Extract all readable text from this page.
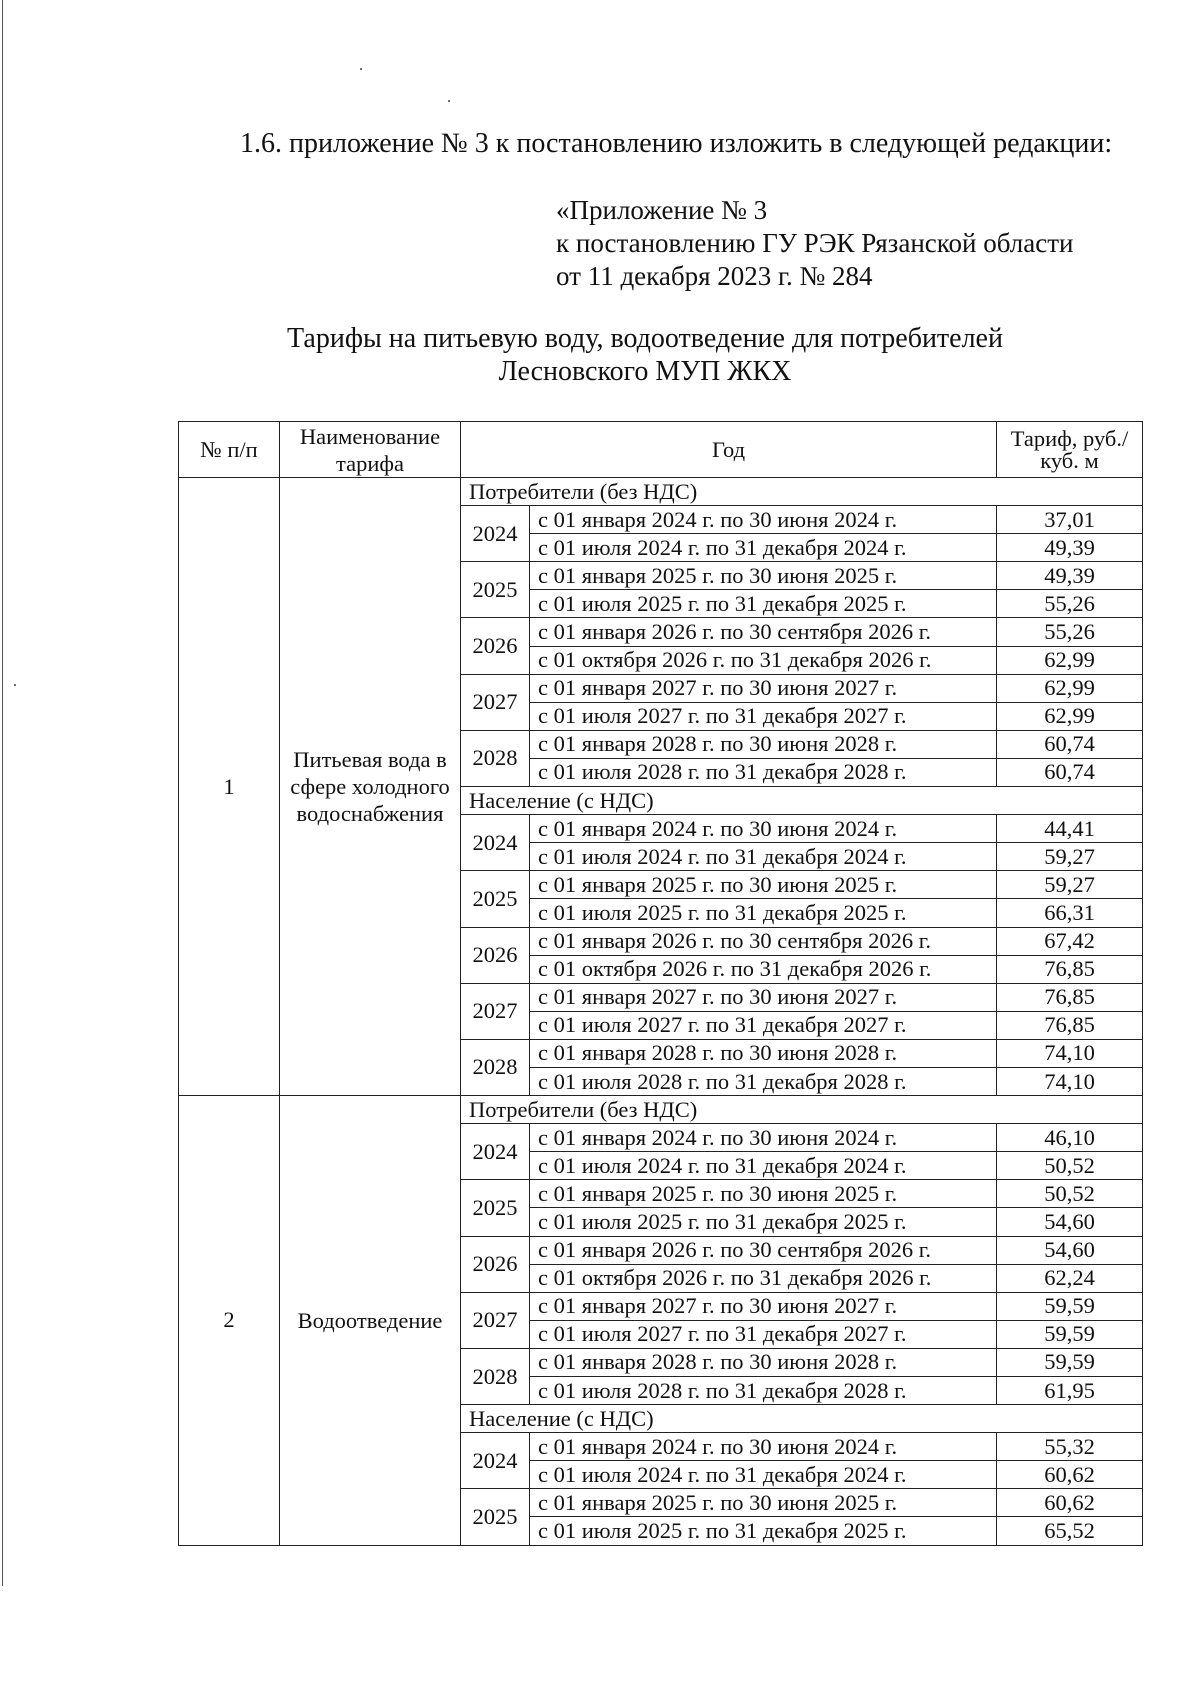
1.6. приложение № 3 к постановлению изложить в следующей редакции:
«Приложение № 3
к постановлению ГУ РЭК Рязанской области
от 11 декабря 2023 г. № 284
Тарифы на питьевую воду, водоотведение для потребителей
Лесновского МУП ЖКХ
№ п/п	Наименование тарифа	Год		Тариф, руб./куб. м
1	Питьевая вода в сфере холодного водоснабжения	Потребители (без НДС)		
		2024	с 01 января 2024 г. по 30 июня 2024 г.	37,01
			с 01 июля 2024 г. по 31 декабря 2024 г.	49,39
		2025	с 01 января 2025 г. по 30 июня 2025 г.	49,39
			с 01 июля 2025 г. по 31 декабря 2025 г.	55,26
		2026	с 01 января 2026 г. по 30 сентября 2026 г.	55,26
			с 01 октября 2026 г. по 31 декабря 2026 г.	62,99
		2027	с 01 января 2027 г. по 30 июня 2027 г.	62,99
			с 01 июля 2027 г. по 31 декабря 2027 г.	62,99
		2028	с 01 января 2028 г. по 30 июня 2028 г.	60,74
			с 01 июля 2028 г. по 31 декабря 2028 г.	60,74
		Население (с НДС)		
		2024	с 01 января 2024 г. по 30 июня 2024 г.	44,41
			с 01 июля 2024 г. по 31 декабря 2024 г.	59,27
		2025	с 01 января 2025 г. по 30 июня 2025 г.	59,27
			с 01 июля 2025 г. по 31 декабря 2025 г.	66,31
		2026	с 01 января 2026 г. по 30 сентября 2026 г.	67,42
			с 01 октября 2026 г. по 31 декабря 2026 г.	76,85
		2027	с 01 января 2027 г. по 30 июня 2027 г.	76,85
			с 01 июля 2027 г. по 31 декабря 2027 г.	76,85
		2028	с 01 января 2028 г. по 30 июня 2028 г.	74,10
			с 01 июля 2028 г. по 31 декабря 2028 г.	74,10
2	Водоотведение	Потребители (без НДС)		
		2024	с 01 января 2024 г. по 30 июня 2024 г.	46,10
			с 01 июля 2024 г. по 31 декабря 2024 г.	50,52
		2025	с 01 января 2025 г. по 30 июня 2025 г.	50,52
			с 01 июля 2025 г. по 31 декабря 2025 г.	54,60
		2026	с 01 января 2026 г. по 30 сентября 2026 г.	54,60
			с 01 октября 2026 г. по 31 декабря 2026 г.	62,24
		2027	с 01 января 2027 г. по 30 июня 2027 г.	59,59
			с 01 июля 2027 г. по 31 декабря 2027 г.	59,59
		2028	с 01 января 2028 г. по 30 июня 2028 г.	59,59
			с 01 июля 2028 г. по 31 декабря 2028 г.	61,95
		Население (с НДС)		
		2024	с 01 января 2024 г. по 30 июня 2024 г.	55,32
			с 01 июля 2024 г. по 31 декабря 2024 г.	60,62
		2025	с 01 января 2025 г. по 30 июня 2025 г.	60,62
			с 01 июля 2025 г. по 31 декабря 2025 г.	65,52
